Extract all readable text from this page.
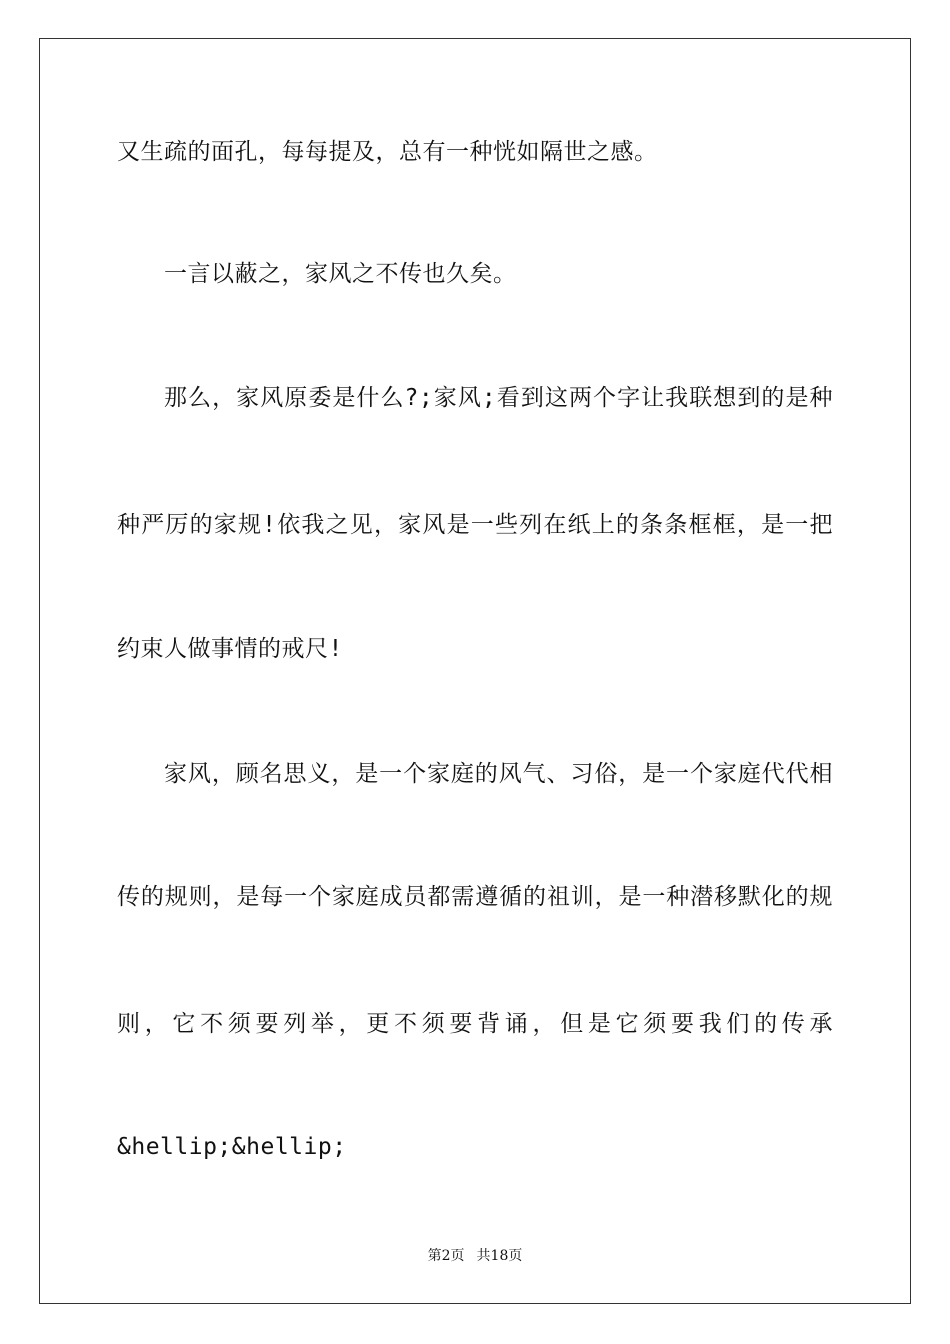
又生疏的面孔，每每提及，总有一种恍如隔世之感。
一言以蔽之，家风之不传也久矣。
那么，家风原委是什么?;家风;看到这两个字让我联想到的是种
种严厉的家规!依我之见，家风是一些列在纸上的条条框框，是一把
约束人做事情的戒尺!
家风，顾名思义，是一个家庭的风气、习俗，是一个家庭代代相
传的规则，是每一个家庭成员都需遵循的祖训，是一种潜移默化的规
则，它不须要列举，更不须要背诵，但是它须要我们的传承
&hellip;&hellip;
第2页 共18页
